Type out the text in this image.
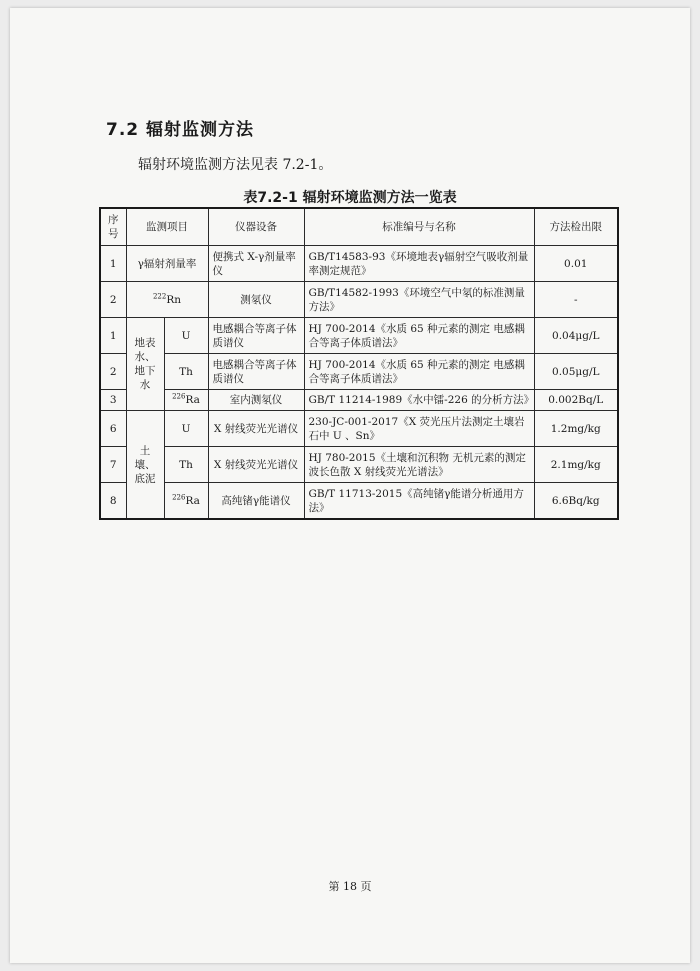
7.2 辐射监测方法
辐射环境监测方法见表 7.2-1。
表7.2-1 辐射环境监测方法一览表
序号	监测项目		仪器设备	标准编号与名称	方法检出限
1	γ辐射剂量率		便携式 X-γ剂量率仪	GB/T14583-93《环境地表γ辐射空气吸收剂量率测定规范》	0.01
2	$^{222}$Rn		测氡仪	GB/T14582-1993《环境空气中氡的标准测量方法》	-
1	地表水、地下水	U	电感耦合等离子体质谱仪	HJ 700-2014《水质 65 种元素的测定 电感耦合等离子体质谱法》	0.04μg/L
2		Th	电感耦合等离子体质谱仪	HJ 700-2014《水质 65 种元素的测定 电感耦合等离子体质谱法》	0.05μg/L
3		$^{226}$Ra	室内测氡仪	GB/T 11214-1989《水中镭-226 的分析方法》	0.002Bq/L
6	土壤、底泥	U	X 射线荧光光谱仪	230-JC-001-2017《X 荧光压片法测定土壤岩石中 U 、Sn》	1.2mg/kg
7		Th	X 射线荧光光谱仪	HJ 780-2015《土壤和沉积物 无机元素的测定波长色散 X 射线荧光光谱法》	2.1mg/kg
8		$^{226}$Ra	高纯锗γ能谱仪	GB/T 11713-2015《高纯锗γ能谱分析通用方法》	6.6Bq/kg
第 18 页
